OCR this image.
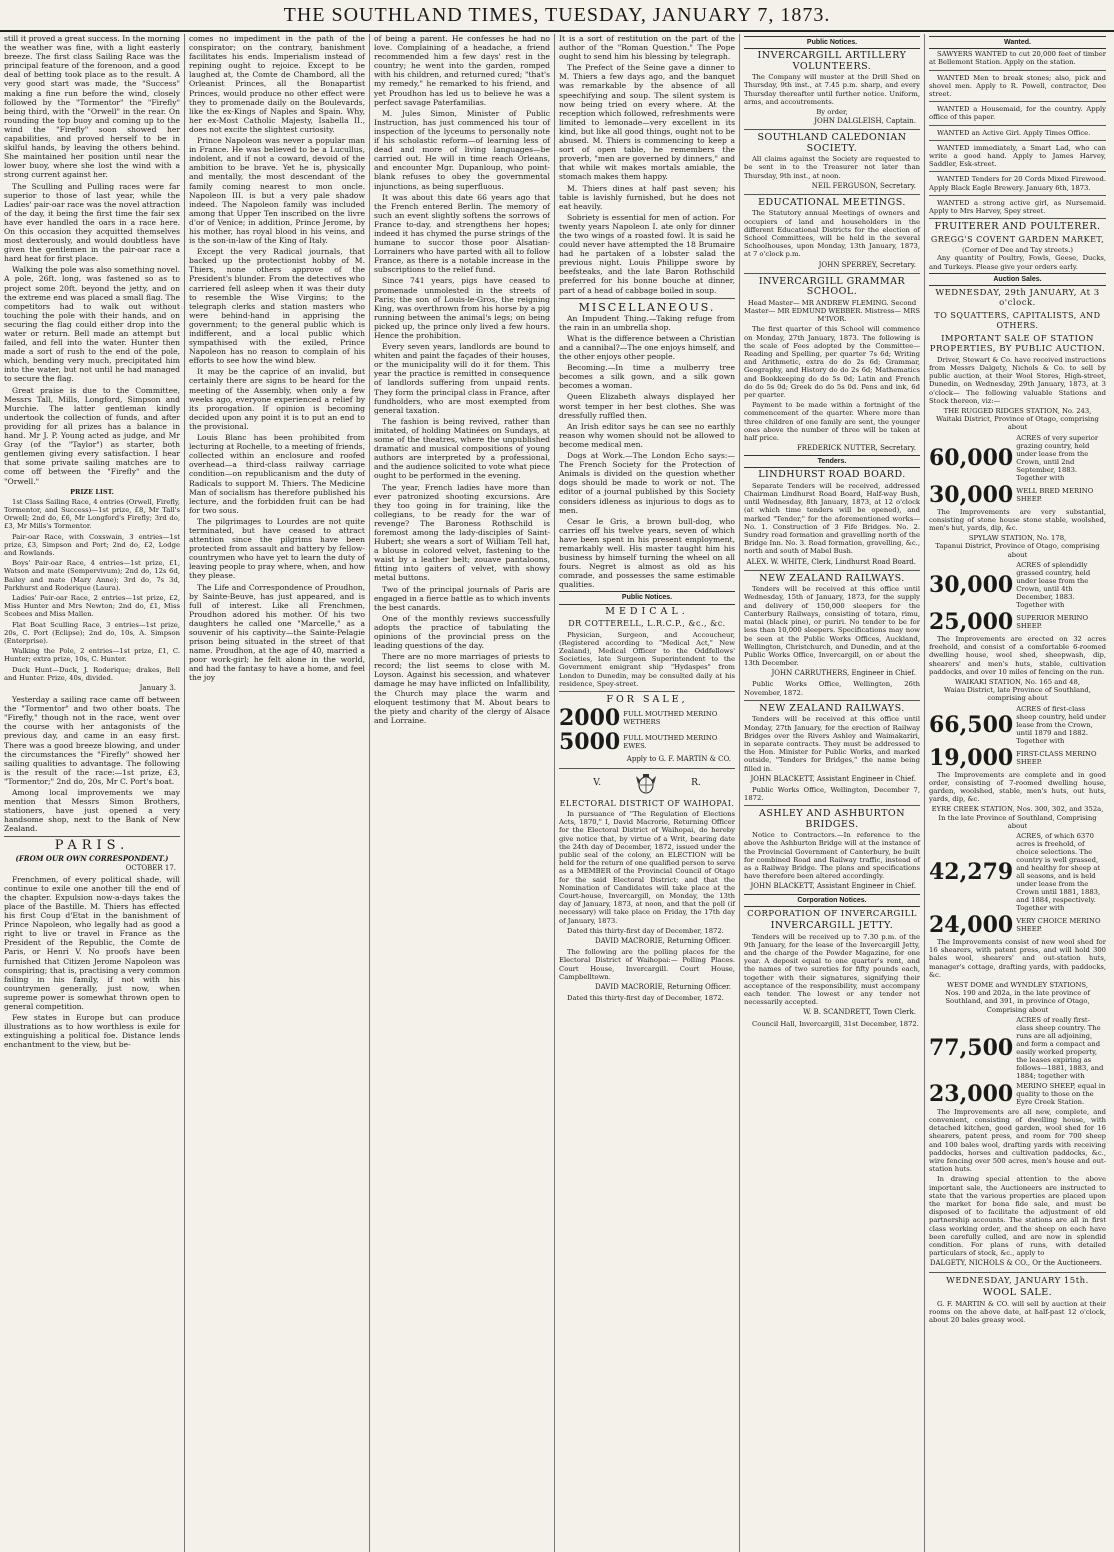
THE SOUTHLAND TIMES, TUESDAY, JANUARY 7, 1873.

still it proved a great success. In the morning the weather was fine, with a light easterly breeze. The first class Sailing Race was the principal feature of the forenoon, and a good deal of betting took place as to the result. A very good start was made, the "Success" making a fine run before the wind, closely followed by the "Tormentor" the "Firefly" being third, with the "Orwell" in the rear. On rounding the top buoy and coming up to the wind the "Firefly" soon showed her capabilities, and proved herself to be in skilful hands, by leaving the others behind. She maintained her position until near the lower buoy, where she lost the wind with a strong current against her.

The Sculling and Pulling races were far superior to those of last year, while the Ladies' pair-oar race was the novel attraction of the day, it being the first time the fair sex have ever handled the oars in a race here. On this occasion they acquitted themselves most dexterously, and would doubtless have given the gentlemen in the pair-oar race a hard heat for first place.

Walking the pole was also something novel. A pole, 26ft. long, was fastened so as to project some 20ft. beyond the jetty, and on the extreme end was placed a small flag. The competitors had to walk out without touching the pole with their hands, and on securing the flag could either drop into the water or return. Bell made an attempt but failed, and fell into the water. Hunter then made a sort of rush to the end of the pole, which, bending very much, precipitated him into the water, but not until he had managed to secure the flag.

Great praise is due to the Committee, Messrs Tall, Mills, Longford, Simpson and Murchie. The latter gentleman kindly undertook the collection of funds, and after providing for all prizes has a balance in hand. Mr J. P. Young acted as judge, and Mr Gray (of the "Taylor") as starter, both gentlemen giving every satisfaction. I hear that some private sailing matches are to come off between the "Firefly" and the "Orwell."

PRIZE LIST.

1st Class Sailing Race, 4 entries (Orwell, Firefly, Tormentor, and Success)—1st prize, £8, Mr Tall's Orwell; 2nd do, £6, Mr Longford's Firefly; 3rd do, £3, Mr Mills's Tormentor.

Pair-oar Race, with Coxswain, 3 entries—1st prize, £3, Simpson and Port; 2nd do, £2, Lodge and Rowlands.

Boys' Pair-oar Race, 4 entries—1st prize, £1, Watson and mate (Sempervivum); 2nd do, 12s 6d, Bailey and mate (Mary Anne); 3rd do, 7s 3d, Parkhurst and Roderique (Laura).

Ladies' Pair-oar Race, 2 entries—1st prize, £2, Miss Hunter and Mrs Newton; 2nd do, £1, Miss Scobees and Miss Mallen.

Flat Boat Sculling Race, 3 entries—1st prize, 20s, C. Port (Eclipse); 2nd do, 10s, A. Simpson (Enterprise).

Walking the Pole, 2 entries—1st prize, £1, C. Hunter; extra prize, 10s, C. Hunter.

Duck Hunt—Duck, J. Roderique; drakes, Bell and Hunter. Prize, 40s, divided.

January 3.

Yesterday a sailing race came off between the "Tormentor" and two other boats. The "Firefly," though not in the race, went over the course with her antagonists of the previous day, and came in an easy first. There was a good breeze blowing, and under the circumstances the "Firefly" showed her sailing qualities to advantage. The following is the result of the race:—1st prize, £3, "Tormentor;" 2nd do, 20s, Mr C. Port's boat.

Among local improvements we may mention that Messrs Simon Brothers, stationers, have just opened a very handsome shop, next to the Bank of New Zealand.

PARIS.
(FROM OUR OWN CORRESPONDENT.)
OCTOBER 17.

Frenchmen, of every political shade, will continue to exile one another till the end of the chapter. Expulsion now-a-days takes the place of the Bastille. M. Thiers has effected his first Coup d'Etat in the banishment of Prince Napoleon, who legally had as good a right to live or travel in France as the President of the Republic, the Comte de Paris, or Henri V. No proofs have been furnished that Citizen Jerome Napoleon was conspiring; that is, practising a very common failing in his family, if not with his countrymen generally, just now, when supreme power is somewhat thrown open to general competition.

Few states in Europe but can produce illustrations as to how worthless is exile for extinguishing a political foe. Distance lends enchantment to the view, but be-

comes no impediment in the path of the conspirator; on the contrary, banishment facilitates his ends. Imperialism instead of repining ought to rejoice. Except to be laughed at, the Comte de Chambord, all the Orleanist Princes, all the Bonapartist Princes, would produce no other effect were they to promenade daily on the Boulevards, like the ex-Kings of Naples and Spain. Why, her ex-Most Catholic Majesty, Isabella II., does not excite the slightest curiosity.

Prince Napoleon was never a popular man in France. He was believed to be a Lucullus, indolent, and if not a coward, devoid of the ambition to be brave. Yet he is, physically and mentally, the most descendant of the family coming nearest to mon oncle. Napoleon III. is but a very pale shadow indeed. The Napoleon family was included among that Upper Ten inscribed on the livre d'or of Venice; in addition, Prince Jerome, by his mother, has royal blood in his veins, and is the son-in-law of the King of Italy.

Except the very Radical journals, that backed up the protectionist hobby of M. Thiers, none others approve of the President's blunder. From the detectives who carriered fell asleep when it was their duty to resemble the Wise Virgins; to the telegraph clerks and station masters who were behind-hand in apprising the government; to the general public which is indifferent, and a local public which sympathised with the exiled, Prince Napoleon has no reason to complain of his efforts to see how the wind blew.

It may be the caprice of an invalid, but certainly there are signs to be heard for the meeting of the Assembly, when only a few weeks ago, everyone experienced a relief by its prorogation. If opinion is becoming decided upon any point it is to put an end to the provisional.

Louis Blanc has been prohibited from lecturing at Rochelle, to a meeting of friends, collected within an enclosure and roofed overhead—a third-class railway carriage condition—on republicanism and the duty of Radicals to support M. Thiers. The Medicine Man of socialism has therefore published his lecture, and the forbidden fruit can be had for two sous.

The pilgrimages to Lourdes are not quite terminated, but have ceased to attract attention since the pilgrims have been protected from assault and battery by fellow-countrymen who have yet to learn the duty of leaving people to pray where, when, and how they please.

The Life and Correspondence of Proudhon, by Sainte-Beuve, has just appeared, and is full of interest. Like all Frenchmen, Proudhon adored his mother. Of his two daughters he called one "Marcelle," as a souvenir of his captivity—the Sainte-Pelagie prison being situated in the street of that name. Proudhon, at the age of 40, married a poor work-girl; he felt alone in the world, and had the fantasy to have a home, and feel the joy

of being a parent. He confesses he had no love. Complaining of a headache, a friend recommended him a few days' rest in the country; he went into the garden, romped with his children, and returned cured; "that's my remedy," he remarked to his friend, and yet Proudhon has led us to believe he was a perfect savage Paterfamilias.

M. Jules Simon, Minister of Public Instruction, has just commenced his tour of inspection of the lyceums to personally note if his scholastic reform—of learning less of dead and more of living languages—be carried out. He will in time reach Orleans, and encounter Mgr. Dupanloup, who point-blank refuses to obey the governmental injunctions, as being superfluous.

It was about this date 66 years ago that the French entered Berlin. The memory of such an event slightly softens the sorrows of France to-day, and strengthens her hopes; indeed it has chymed the purse strings of the humane to succor those poor Alsatian-Lorrainers who have parted with all to follow France, as there is a notable increase in the subscriptions to the relief fund.

Since 741 years, pigs have ceased to promenade unmolested in the streets of Paris; the son of Louis-le-Gros, the reigning King, was overthrown from his horse by a pig running between the animal's legs; on being picked up, the prince only lived a few hours. Hence the prohibition.

Every seven years, landlords are bound to whiten and paint the façades of their houses, or the municipality will do it for them. This year the practice is remitted in consequence of landlords suffering from unpaid rents. They form the principal class in France, after fundholders, who are most exempted from general taxation.

The fashion is being revived, rather than imitated, of holding Matinées on Sundays, at some of the theatres, where the unpublished dramatic and musical compositions of young authors are interpreted by a professional, and the audience solicited to vote what piece ought to be performed in the evening.

The year, French ladies have more than ever patronized shooting excursions. Are they too going in for training, like the collegians, to be ready for the war of revenge? The Baroness Rothschild is foremost among the lady-disciples of Saint-Hubert; she wears a sort of William Tell hat, a blouse in colored velvet, fastening to the waist by a leather belt; zouave pantaloons, fitting into gaiters of velvet, with showy metal buttons.

Two of the principal journals of Paris are engaged in a fierce battle as to which invents the best canards.

One of the monthly reviews successfully adopts the practice of tabulating the opinions of the provincial press on the leading questions of the day.

There are no more marriages of priests to record; the list seems to close with M. Loyson. Against his secession, and whatever damage he may have inflicted on Infallibility, the Church may place the warm and eloquent testimony that M. About bears to the piety and charity of the clergy of Alsace and Lorraine.

It is a sort of restitution on the part of the author of the "Roman Question." The Pope ought to send him his blessing by telegraph.

The Prefect of the Seine gave a dinner to M. Thiers a few days ago, and the banquet was remarkable by the absence of all speechifying and soup. The silent system is now being tried on every where. At the reception which followed, refreshments were limited to lemonade—very excellent in its kind, but like all good things, ought not to be abused. M. Thiers is commencing to keep a sort of open table, he remembers the proverb, "men are governed by dinners," and that while wit makes mortals amiable, the stomach makes them happy.

M. Thiers dines at half past seven; his table is lavishly furnished, but he does not eat heavily.

Sobriety is essential for men of action. For twenty years Napoleon I. ate only for dinner the two wings of a roasted fowl. It is said he could never have attempted the 18 Brumaire had he partaken of a lobster salad the previous night. Louis Philippe swore by beefsteaks, and the late Baron Rothschild preferred for his bonne bouche at dinner, part of a head of cabbage boiled in soup.

MISCELLANEOUS.

An Impudent Thing.—Taking refuge from the rain in an umbrella shop.

What is the difference between a Christian and a cannibal?—The one enjoys himself, and the other enjoys other people.

Becoming.—In time a mulberry tree becomes a silk gown, and a silk gown becomes a woman.

Queen Elizabeth always displayed her worst temper in her best clothes. She was dressfully ruffled then.

An Irish editor says he can see no earthly reason why women should not be allowed to become medical men.

Dogs at Work.—The London Echo says:—The French Society for the Protection of Animals is divided on the question whether dogs should be made to work or not. The editor of a journal published by this Society considers idleness as injurious to dogs as to men.

Cesar le Gris, a brown bull-dog, who carries off his twelve years, seven of which have been spent in his present employment, remarkably well. His master taught him his business by himself turning the wheel on all fours. Negret is almost as old as his comrade, and possesses the same estimable qualities.

Public Notices.
MEDICAL.
DR COTTERELL, L.R.C.P., &c., &c.

Physician, Surgeon, and Accoucheur, (Registered according to "Medical Act," New Zealand), Medical Officer to the Oddfellows' Societies, late Surgeon Superintendent to the Government emigrant ship "Hydaspes" from London to Dunedin, may be consulted daily at his residence, Spey-street.

FOR SALE,
2000 FULL MOUTHED MERINO WETHERS
5000 FULL MOUTHED MERINO EWES.
Apply to G. F. MARTIN & CO.
V.	R.
ELECTORAL DISTRICT OF WAIHOPAI.

In pursuance of "The Regulation of Elections Acts, 1870," I, David Macrorie, Returning Officer for the Electoral District of Waihopai, do hereby give notice that, by virtue of a Writ, bearing date the 24th day of December, 1872, issued under the public seal of the colony, an ELECTION will be held for the return of one qualified person to serve as a MEMBER of the Provincial Council of Otago for the said Electoral District; and that the Nomination of Candidates will take place at the Court-house, Invercargill, on Monday, the 13th day of January, 1873, at noon, and that the poll (if necessary) will take place on Friday, the 17th day of January, 1873.

Dated this thirty-first day of December, 1872.

DAVID MACRORIE, Returning Officer.

The following are the polling places for the Electoral District of Waihopai:— Polling Places. Court House, Invercargill. Court House, Campbelltown.

DAVID MACRORIE, Returning Officer.

Dated this thirty-first day of December, 1872.

Public Notices.
INVERCARGILL ARTILLERY VOLUNTEERS.

The Company will muster at the Drill Shed on Thursday, 9th inst., at 7.45 p.m. sharp, and every Thursday thereafter until further notice. Uniform, arms, and accoutrements.

By order,
JOHN DALGLEISH, Captain.
SOUTHLAND CALEDONIAN SOCIETY.

All claims against the Society are requested to be sent in to the Treasurer not later than Thursday, 9th inst., at noon.

NEIL FERGUSON, Secretary.
EDUCATIONAL MEETINGS.

The Statutory annual Meetings of owners and occupiers of land and householders in the different Educational Districts for the election of School Committees, will be held in the several Schoolhouses, upon Monday, 13th January, 1873, at 7 o'clock p.m.

JOHN SPERREY, Secretary.
INVERCARGILL GRAMMAR SCHOOL.

Head Master— MR ANDREW FLEMING. Second Master— MR EDMUND WEBBER. Mistress— MRS M'IVOR.

The first quarter of this School will commence on Monday, 27th January, 1873. The following is the scale of Fees adopted by the Committee— Reading and Spelling, per quarter 7s 6d; Writing and Arithmetic, extra do do 2s 6d; Grammar, Geography, and History do do 2s 6d; Mathematics and Bookkeeping do do 5s 0d; Latin and French do do 5s 0d; Greek do do 5s 0d. Pens and ink, 6d per quarter.

Payment to be made within a fortnight of the commencement of the quarter. Where more than three children of one family are sent, the younger ones above the number of three will be taken at half price.

FREDERICK NUTTER, Secretary.
Tenders.
LINDHURST ROAD BOARD.

Separate Tenders will be received, addressed Chairman Lindhurst Road Board, Half-way Bush, until Wednesday, 8th January, 1873, at 12 o'clock (at which time tenders will be opened), and marked "Tender," for the aforementioned works— No. 1. Construction of 3 Fife Bridges. No. 2. Sundry road formation and gravelling north of the Bridge Inn. No. 3. Road formation, gravelling, &c., north and south of Mabel Bush.

ALEX. W. WHITE, Clerk, Lindhurst Road Board.
NEW ZEALAND RAILWAYS.

Tenders will be received at this office until Wednesday, 15th of January, 1873, for the supply and delivery of 150,000 sleepers for the Canterbury Railways, consisting of totara, rimu, matai (black pine), or puriri. No tender to be for less than 10,000 sleepers. Specifications may now be seen at the Public Works Offices, Auckland, Wellington, Christchurch, and Dunedin, and at the Public Works Office, Invercargill, on or about the 13th December.

JOHN CARRUTHERS, Engineer in Chief.

Public Works Office, Wellington, 26th November, 1872.

NEW ZEALAND RAILWAYS.

Tenders will be received at this office until Monday, 27th January, for the erection of Railway Bridges over the Rivers Ashley and Waimakariri, in separate contracts. They must be addressed to the Hon. Minister for Public Works, and marked outside, "Tenders for Bridges," the name being filled in.

JOHN BLACKETT, Assistant Engineer in Chief.

Public Works Office, Wellington, December 7, 1872.

ASHLEY AND ASHBURTON BRIDGES.

Notice to Contractors.—In reference to the above the Ashburton Bridge will at the instance of the Provincial Government of Canterbury, be built for combined Road and Railway traffic, instead of as a Railway Bridge. The plans and specifications have therefore been altered accordingly.

JOHN BLACKETT, Assistant Engineer in Chief.
Corporation Notices.
CORPORATION OF INVERCARGILL
INVERCARGILL JETTY.

Tenders will be received up to 7.30 p.m. of the 9th January, for the lease of the Invercargill Jetty, and the charge of the Powder Magazine, for one year. A deposit equal to one quarter's rent, and the names of two sureties for fifty pounds each, together with their signatures, signifying their acceptance of the responsibility, must accompany each tender. The lowest or any tender not necessarily accepted.

W. B. SCANDRETT, Town Clerk.

Council Hall, Invercargill, 31st December, 1872.

Wanted.

SAWYERS WANTED to cut 20,000 feet of timber at Bellemont Station. Apply on the station.

WANTED Men to break stones; also, pick and shovel men. Apply to R. Powell, contractor, Dee street.

WANTED a Housemaid, for the country. Apply office of this paper.

WANTED an Active Girl. Apply Times Office.

WANTED immediately, a Smart Lad, who can write a good hand. Apply to James Harvey, Saddler, Esk-street.

WANTED Tenders for 20 Cords Mixed Firewood. Apply Black Eagle Brewery. January 6th, 1873.

WANTED a strong active girl, as Nursemaid. Apply to Mrs Harvey, Spey street.

FRUITERER AND POULTERER.
GREGG'S COVENT GARDEN MARKET,
(Corner of Dee and Tay streets.)

Any quantity of Poultry, Fowls, Geese, Ducks, and Turkeys. Please give your orders early.

Auction Sales.
WEDNESDAY, 29th JANUARY, At 3 o'clock.
TO SQUATTERS, CAPITALISTS, AND OTHERS.
IMPORTANT SALE OF STATION PROPERTIES, BY PUBLIC AUCTION.

Driver, Stewart & Co. have received instructions from Messrs Dalgety, Nichols & Co. to sell by public auction, at their Wool Stores, High-street, Dunedin, on Wednesday, 29th January, 1873, at 3 o'clock— The following valuable Stations and Stock thereon, viz:—

THE RUGGED RIDGES STATION, No. 243,
Waitaki District, Province of Otago, comprising about
60,000
ACRES of very superior grazing country, held under lease from the Crown, until 2nd September, 1883. Together with
30,000 WELL BRED MERINO SHEEP.

The Improvements are very substantial, consisting of stone house stone stable, woolshed, men's hut, yards, dip, &c.

SPYLAW STATION, No. 178,
Tapanui District, Province of Otago, comprising about
30,000
ACRES of splendidly grassed country, held under lease from the Crown, until 4th December, 1883. Together with
25,000 SUPERIOR MERINO SHEEP.

The Improvements are erected on 32 acres freehold, and consist of a comfortable 6-roomed dwelling house, wool shed, sheepwash, dip, shearers' and men's huts, stable, cultivation paddocks, and over 10 miles of fencing on the run.

WAIKAKI STATION, No. 165 and 48,
Waiau District, late Province of Southland, comprising about
66,500
ACRES of first-class sheep country, held under lease from the Crown, until 1879 and 1882. Together with
19,000 FIRST-CLASS MERINO SHEEP.

The Improvements are complete and in good order, consisting of 7-roomed dwelling house, garden, woolshed, stable, men's huts, out huts, yards, dip, &c.

EYRE CREEK STATION, Nos. 300, 302, and 352a,
In the late Province of Southland, Comprising about
42,279
ACRES, of which 6370 acres is freehold, of choice selections. The country is well grassed, and healthy for sheep at all seasons, and is held under lease from the Crown until 1881, 1883, and 1884, respectively. Together with
24,000 VERY CHOICE MERINO SHEEP.

The Improvements consist of new wool shed for 16 shearers, with patent press, and will hold 300 bales wool, shearers' and out-station huts, manager's cottage, drafting yards, with paddocks, &c.

WEST DOME and WYNDLEY STATIONS,
Nos. 190 and 202a, in the late province of Southland, and 391, in province of Otago, Comprising about
77,500
ACRES of really first-class sheep country. The runs are all adjoining, and form a compact and easily worked property, the leases expiring as follows—1881, 1883, and 1884; together with
23,000 MERINO SHEEP, equal in quality to those on the Eyre Creek Station.

The Improvements are all new, complete, and convenient, consisting of dwelling house, with detached kitchen, good garden, wool shed for 16 shearers, patent press, and room for 700 sheep and 100 bales wool, drafting yards with receiving paddocks, horses and cultivation paddocks, &c., wire fencing over 500 acres, men's house and out-station huts.

In drawing special attention to the above important sale, the Auctioneers are instructed to state that the various properties are placed upon the market for bona fide sale, and must be disposed of to facilitate the adjustment of old partnership accounts. The stations are all in first class working order, and the sheep on each have been carefully culled, and are now in splendid condition. For plans of runs, with detailed particulars of stock, &c., apply to

DALGETY, NICHOLS & CO., Or the Auctioneers.
WEDNESDAY, JANUARY 15th.
WOOL SALE.

G. F. MARTIN & CO. will sell by auction at their rooms on the above date, at half-past 12 o'clock, about 20 bales greasy wool.
